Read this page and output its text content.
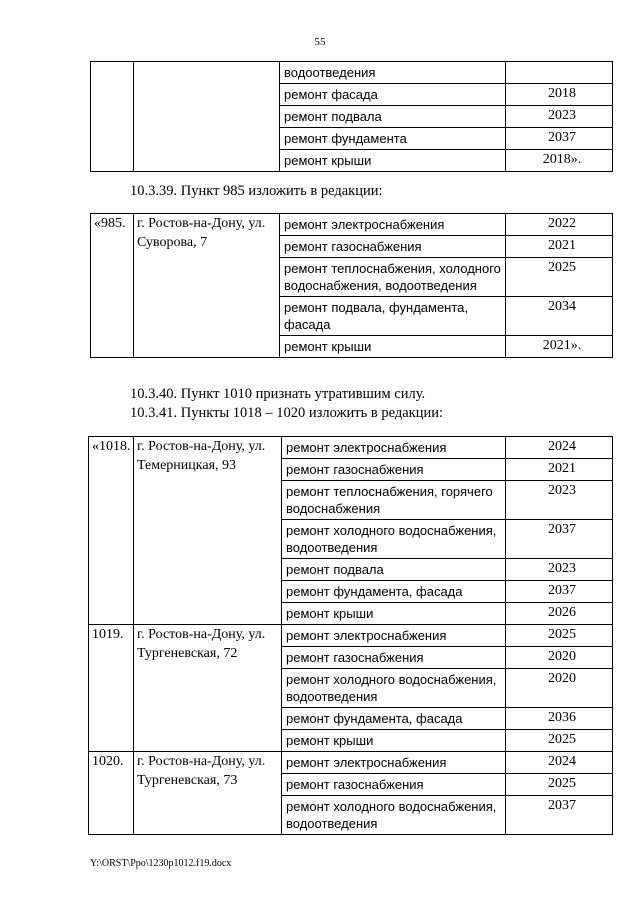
55
		водоотведения	
		ремонт фасада	2018
		ремонт подвала	2023
		ремонт фундамента	2037
		ремонт крыши	2018».
10.3.39. Пункт 985 изложить в редакции:
«985.	г. Ростов-на-Дону, ул. Суворова, 7	ремонт электроснабжения	2022
		ремонт газоснабжения	2021
		ремонт теплоснабжения, холодного водоснабжения, водоотведения	2025
		ремонт подвала, фундамента, фасада	2034
		ремонт крыши	2021».
10.3.40. Пункт 1010 признать утратившим силу.
10.3.41. Пункты 1018 – 1020 изложить в редакции:
«1018.	г. Ростов-на-Дону, ул. Темерницкая, 93	ремонт электроснабжения	2024
		ремонт газоснабжения	2021
		ремонт теплоснабжения, горячего водоснабжения	2023
		ремонт холодного водоснабжения, водоотведения	2037
		ремонт подвала	2023
		ремонт фундамента, фасада	2037
		ремонт крыши	2026
1019.	г. Ростов-на-Дону, ул. Тургеневская, 72	ремонт электроснабжения	2025
		ремонт газоснабжения	2020
		ремонт холодного водоснабжения, водоотведения	2020
		ремонт фундамента, фасада	2036
		ремонт крыши	2025
1020.	г. Ростов-на-Дону, ул. Тургеневская, 73	ремонт электроснабжения	2024
		ремонт газоснабжения	2025
		ремонт холодного водоснабжения, водоотведения	2037
Y:\ORST\Ppo\1230p1012.f19.docx
